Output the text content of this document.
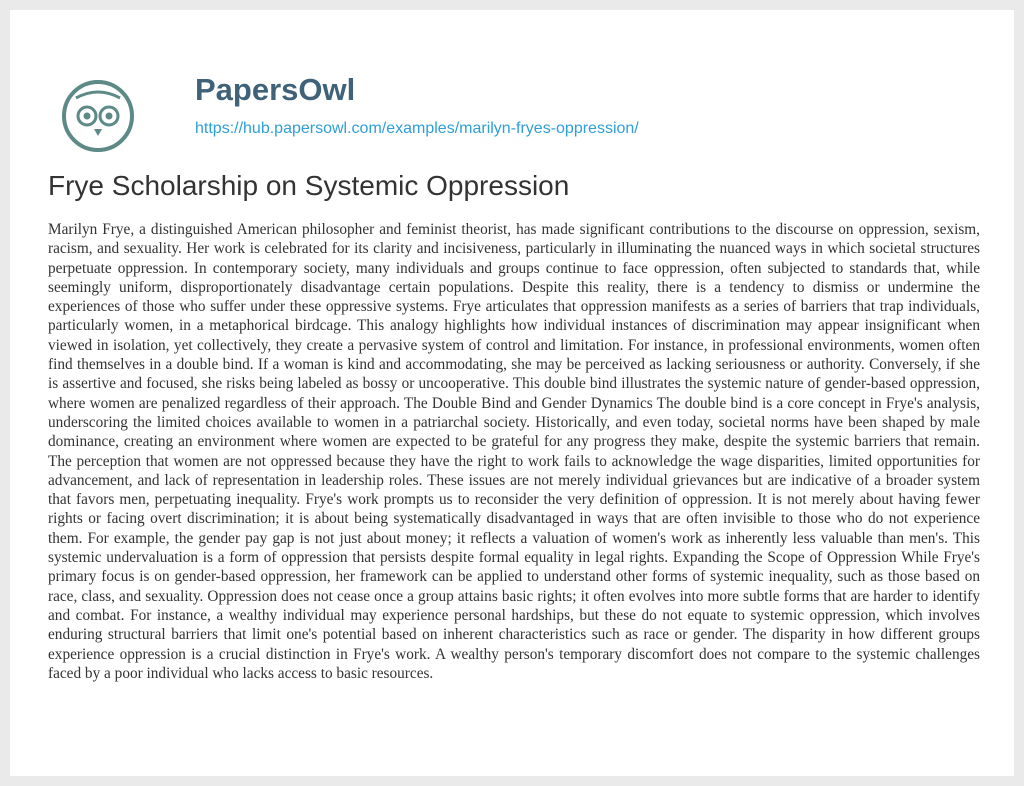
PapersOwl
https://hub.papersowl.com/examples/marilyn-fryes-oppression/
Frye Scholarship on Systemic Oppression

Marilyn Frye, a distinguished American philosopher and feminist theorist, has made significant contributions to the discourse on oppression, sexism, racism, and sexuality. Her work is celebrated for its clarity and incisiveness, particularly in illuminating the nuanced ways in which societal structures perpetuate oppression. In contemporary society, many individuals and groups continue to face oppression, often subjected to standards that, while seemingly uniform, disproportionately disadvantage certain populations. Despite this reality, there is a tendency to dismiss or undermine the experiences of those who suffer under these oppressive systems. Frye articulates that oppression manifests as a series of barriers that trap individuals, particularly women, in a metaphorical birdcage. This analogy highlights how individual instances of discrimination may appear insignificant when viewed in isolation, yet collectively, they create a pervasive system of control and limitation. For instance, in professional environments, women often find themselves in a double bind. If a woman is kind and accommodating, she may be perceived as lacking seriousness or authority. Conversely, if she is assertive and focused, she risks being labeled as bossy or uncooperative. This double bind illustrates the systemic nature of gender-based oppression, where women are penalized regardless of their approach. The Double Bind and Gender Dynamics The double bind is a core concept in Frye's analysis, underscoring the limited choices available to women in a patriarchal society. Historically, and even today, societal norms have been shaped by male dominance, creating an environment where women are expected to be grateful for any progress they make, despite the systemic barriers that remain. The perception that women are not oppressed because they have the right to work fails to acknowledge the wage disparities, limited opportunities for advancement, and lack of representation in leadership roles. These issues are not merely individual grievances but are indicative of a broader system that favors men, perpetuating inequality. Frye's work prompts us to reconsider the very definition of oppression. It is not merely about having fewer rights or facing overt discrimination; it is about being systematically disadvantaged in ways that are often invisible to those who do not experience them. For example, the gender pay gap is not just about money; it reflects a valuation of women's work as inherently less valuable than men's. This systemic undervaluation is a form of oppression that persists despite formal equality in legal rights. Expanding the Scope of Oppression While Frye's primary focus is on gender-based oppression, her framework can be applied to understand other forms of systemic inequality, such as those based on race, class, and sexuality. Oppression does not cease once a group attains basic rights; it often evolves into more subtle forms that are harder to identify and combat. For instance, a wealthy individual may experience personal hardships, but these do not equate to systemic oppression, which involves enduring structural barriers that limit one's potential based on inherent characteristics such as race or gender. The disparity in how different groups experience oppression is a crucial distinction in Frye's work. A wealthy person's temporary discomfort does not compare to the systemic challenges faced by a poor individual who lacks access to basic resources.
